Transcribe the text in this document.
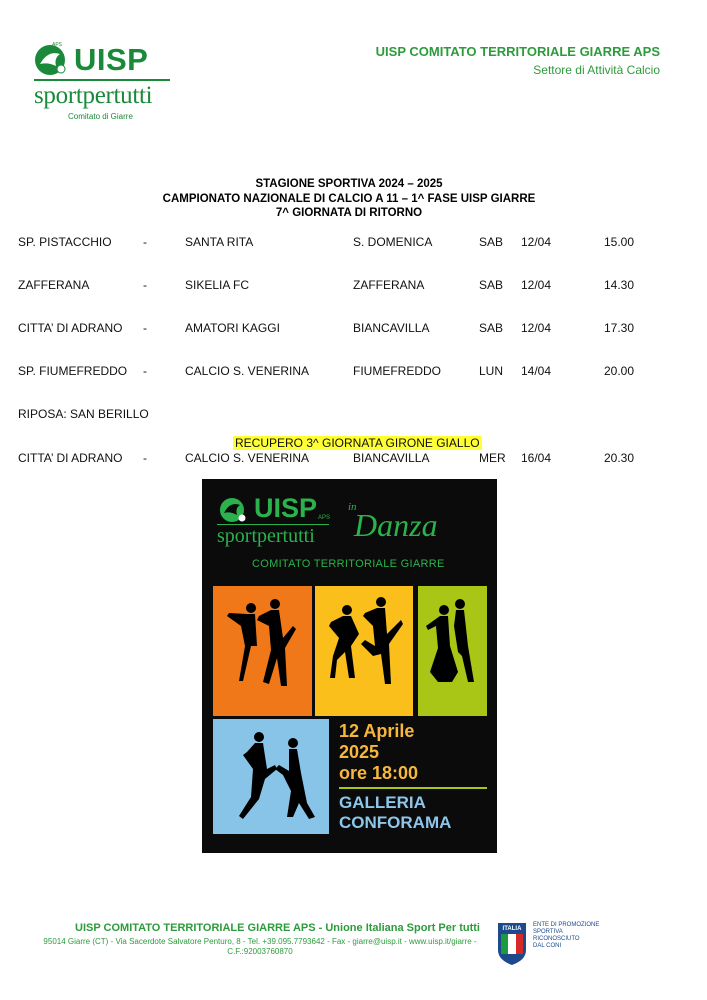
APS UISP
sportpertutti
Comitato di Giarre
UISP COMITATO TERRITORIALE GIARRE APS
Settore di Attività Calcio
STAGIONE SPORTIVA 2024 – 2025
CAMPIONATO NAZIONALE DI CALCIO A 11 – 1^ FASE UISP GIARRE
7^ GIORNATA DI RITORNO
SP. PISTACCHIO	-	SANTA RITA	S. DOMENICA	SAB 12/04	15.00
ZAFFERANA	-	SIKELIA FC	ZAFFERANA	SAB 12/04	14.30
CITTA’ DI ADRANO -	AMATORI KAGGI	BIANCAVILLA	SAB 12/04	17.30
SP. FIUMEFREDDO -	CALCIO S. VENERINA	FIUMEFREDDO	LUN 14/04	20.00
RIPOSA: SAN BERILLO
RECUPERO 3^ GIORNATA GIRONE GIALLO
CITTA’ DI ADRANO -	CALCIO S. VENERINA	BIANCAVILLA	MER 16/04	20.30
UISP APS
sportpertutti
in
Danza
COMITATO TERRITORIALE GIARRE
12 Aprile
2025
ore 18:00
GALLERIA
CONFORAMA
UISP COMITATO TERRITORIALE GIARRE APS - Unione Italiana Sport Per tutti
95014 Giarre (CT) - Via Sacerdote Salvatore Penturo, 8 - Tel. +39.095.7793642 - Fax - giarre@uisp.it - www.uisp.it/giarre -
C.F.:92003760870
ITALIA
ENTE DI PROMOZIONE
SPORTIVA
RICONOSCIUTO
DAL CONI
